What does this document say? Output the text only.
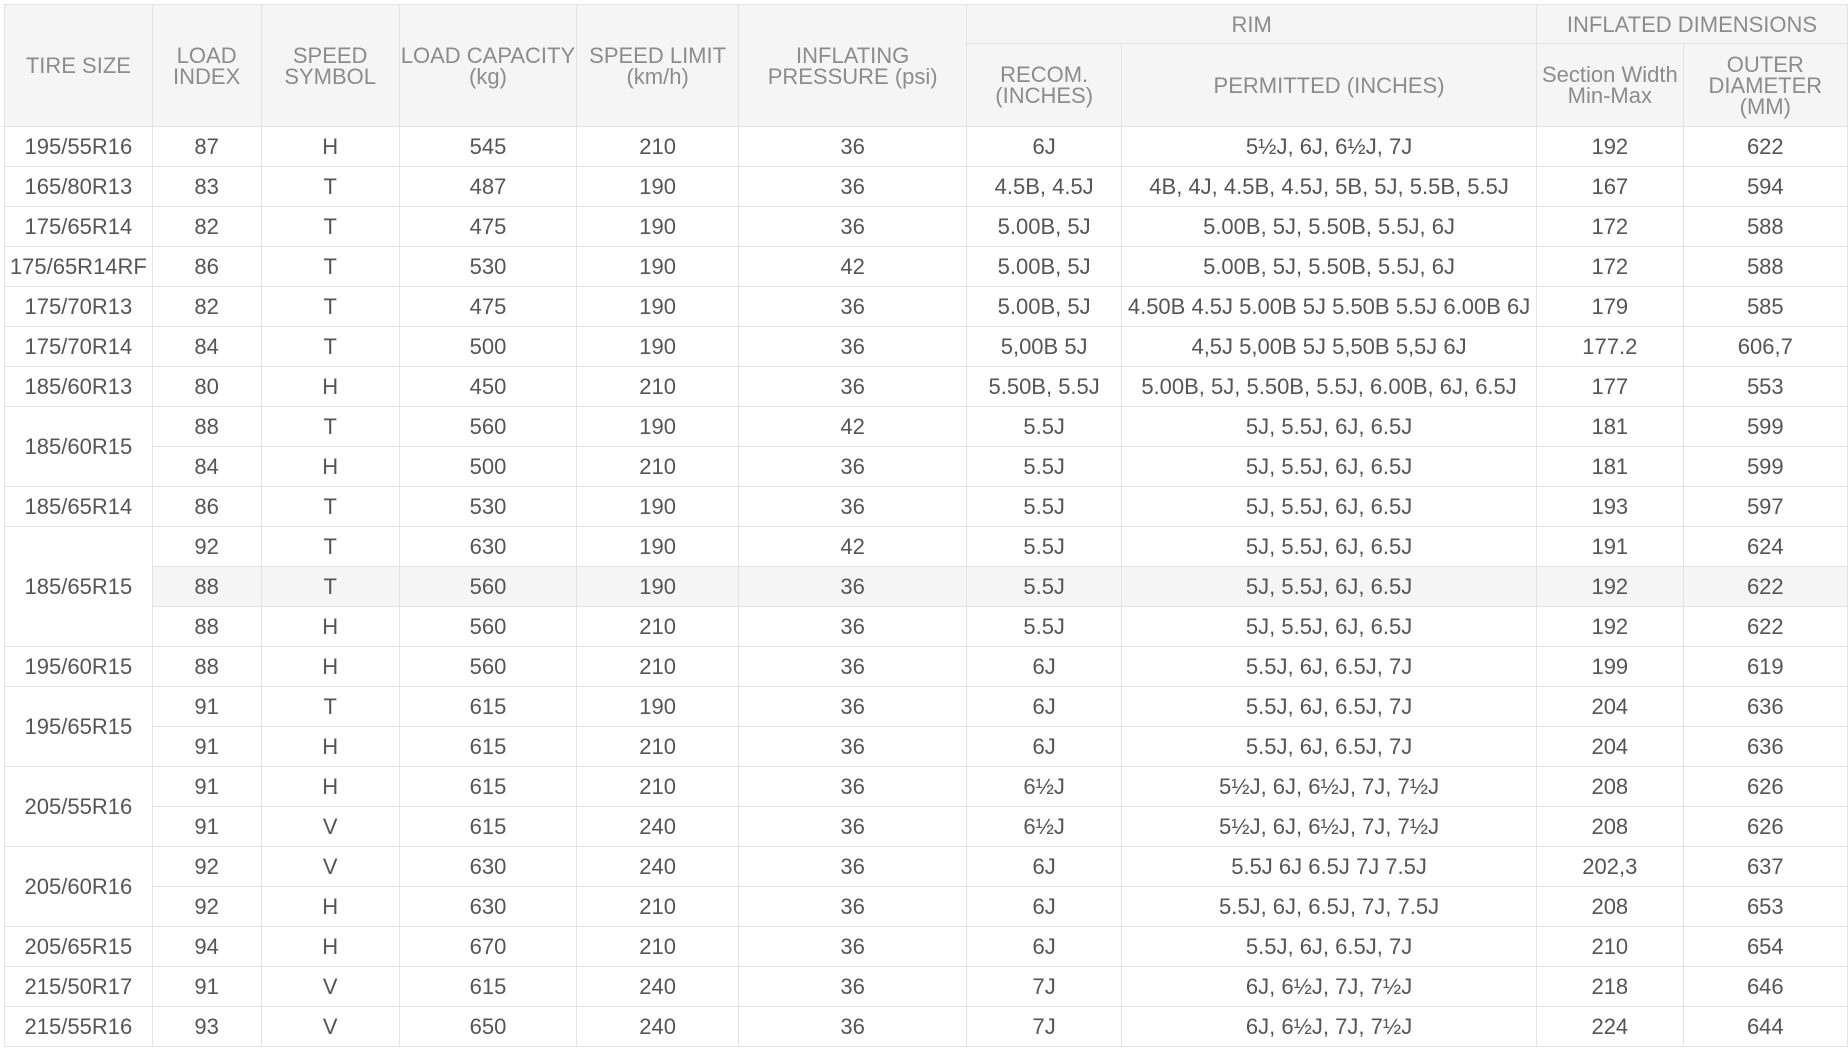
TIRE SIZE	LOAD INDEX	SPEED SYMBOL	LOAD CAPACITY (kg)	SPEED LIMIT (km/h)	INFLATING PRESSURE (psi)	RIM		INFLATED DIMENSIONS	
						RECOM. (INCHES)	PERMITTED (INCHES)	Section Width Min-Max	OUTER DIAMETER (MM)
195/55R16	87	H	545	210	36	6J	5½J, 6J, 6½J, 7J	192	622
165/80R13	83	T	487	190	36	4.5B, 4.5J	4B, 4J, 4.5B, 4.5J, 5B, 5J, 5.5B, 5.5J	167	594
175/65R14	82	T	475	190	36	5.00B, 5J	5.00B, 5J, 5.50B, 5.5J, 6J	172	588
175/65R14RF	86	T	530	190	42	5.00B, 5J	5.00B, 5J, 5.50B, 5.5J, 6J	172	588
175/70R13	82	T	475	190	36	5.00B, 5J	4.50B 4.5J 5.00B 5J 5.50B 5.5J 6.00B 6J	179	585
175/70R14	84	T	500	190	36	5,00B 5J	4,5J 5,00B 5J 5,50B 5,5J 6J	177.2	606,7
185/60R13	80	H	450	210	36	5.50B, 5.5J	5.00B, 5J, 5.50B, 5.5J, 6.00B, 6J, 6.5J	177	553
185/60R15	88	T	560	190	42	5.5J	5J, 5.5J, 6J, 6.5J	181	599
	84	H	500	210	36	5.5J	5J, 5.5J, 6J, 6.5J	181	599
185/65R14	86	T	530	190	36	5.5J	5J, 5.5J, 6J, 6.5J	193	597
185/65R15	92	T	630	190	42	5.5J	5J, 5.5J, 6J, 6.5J	191	624
	88	T	560	190	36	5.5J	5J, 5.5J, 6J, 6.5J	192	622
	88	H	560	210	36	5.5J	5J, 5.5J, 6J, 6.5J	192	622
195/60R15	88	H	560	210	36	6J	5.5J, 6J, 6.5J, 7J	199	619
195/65R15	91	T	615	190	36	6J	5.5J, 6J, 6.5J, 7J	204	636
	91	H	615	210	36	6J	5.5J, 6J, 6.5J, 7J	204	636
205/55R16	91	H	615	210	36	6½J	5½J, 6J, 6½J, 7J, 7½J	208	626
	91	V	615	240	36	6½J	5½J, 6J, 6½J, 7J, 7½J	208	626
205/60R16	92	V	630	240	36	6J	5.5J 6J 6.5J 7J 7.5J	202,3	637
	92	H	630	210	36	6J	5.5J, 6J, 6.5J, 7J, 7.5J	208	653
205/65R15	94	H	670	210	36	6J	5.5J, 6J, 6.5J, 7J	210	654
215/50R17	91	V	615	240	36	7J	6J, 6½J, 7J, 7½J	218	646
215/55R16	93	V	650	240	36	7J	6J, 6½J, 7J, 7½J	224	644
